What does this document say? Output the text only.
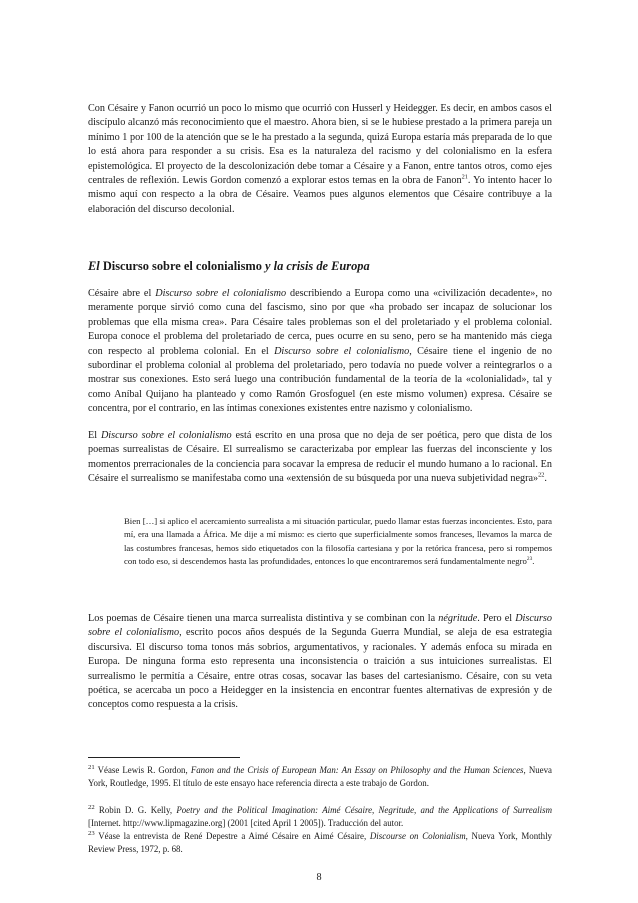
Con Césaire y Fanon ocurrió un poco lo mismo que ocurrió con Husserl y Heidegger. Es decir, en ambos casos el discípulo alcanzó más reconocimiento que el maestro. Ahora bien, si se le hubiese prestado a la primera pareja un mínimo 1 por 100 de la atención que se le ha prestado a la segunda, quizá Europa estaría más preparada de lo que lo está ahora para responder a su crisis. Esa es la naturaleza del racismo y del colonialismo en la esfera epistemológica. El proyecto de la descolonización debe tomar a Césaire y a Fanon, entre tantos otros, como ejes centrales de reflexión. Lewis Gordon comenzó a explorar estos temas en la obra de Fanon$^{21}$. Yo intento hacer lo mismo aquí con respecto a la obra de Césaire. Veamos pues algunos elementos que Césaire contribuye a la elaboración del discurso decolonial.

El Discurso sobre el colonialismo y la crisis de Europa

Césaire abre el Discurso sobre el colonialismo describiendo a Europa como una «civilización decadente», no meramente porque sirvió como cuna del fascismo, sino por que «ha probado ser incapaz de solucionar los problemas que ella misma crea». Para Césaire tales problemas son el del proletariado y el problema colonial. Europa conoce el problema del proletariado de cerca, pues ocurre en su seno, pero se ha mantenido más ciega con respecto al problema colonial. En el Discurso sobre el colonialismo, Césaire tiene el ingenio de no subordinar el problema colonial al problema del proletariado, pero todavía no puede volver a reintegrarlos o a mostrar sus conexiones. Esto será luego una contribución fundamental de la teoría de la «colonialidad», tal y como Aníbal Quijano ha planteado y como Ramón Grosfoguel (en este mismo volumen) expresa. Césaire se concentra, por el contrario, en las íntimas conexiones existentes entre nazismo y colonialismo.

El Discurso sobre el colonialismo está escrito en una prosa que no deja de ser poética, pero que dista de los poemas surrealistas de Césaire. El surrealismo se caracterizaba por emplear las fuerzas del inconsciente y los momentos prerracionales de la conciencia para socavar la empresa de reducir el mundo humano a lo racional. En Césaire el surrealismo se manifestaba como una «extensión de su búsqueda por una nueva subjetividad negra»$^{22}$.

Bien […] si aplico el acercamiento surrealista a mi situación particular, puedo llamar estas fuerzas inconcientes. Esto, para mí, era una llamada a África. Me dije a mí mismo: es cierto que superficialmente somos franceses, llevamos la marca de las costumbres francesas, hemos sido etiquetados con la filosofía cartesiana y por la retórica francesa, pero si rompemos con todo eso, si descendemos hasta las profundidades, entonces lo que encontraremos será fundamentalmente negro$^{23}$.

Los poemas de Césaire tienen una marca surrealista distintiva y se combinan con la négritude. Pero el Discurso sobre el colonialismo, escrito pocos años después de la Segunda Guerra Mundial, se aleja de esa estrategia discursiva. El discurso toma tonos más sobrios, argumentativos, y racionales. Y además enfoca su mirada en Europa. De ninguna forma esto representa una inconsistencia o traición a sus intuiciones surrealistas. El surrealismo le permitía a Césaire, entre otras cosas, socavar las bases del cartesianismo. Césaire, con su veta poética, se acercaba un poco a Heidegger en la insistencia en encontrar fuentes alternativas de expresión y de conceptos como respuesta a la crisis.

$^{21}$ Véase Lewis R. Gordon, Fanon and the Crisis of European Man: An Essay on Philosophy and the Human Sciences, Nueva York, Routledge, 1995. El título de este ensayo hace referencia directa a este trabajo de Gordon.

$^{22}$ Robin D. G. Kelly, Poetry and the Political Imagination: Aimé Césaire, Negritude, and the Applications of Surrealism [Internet. http://www.lipmagazine.org] (2001 [cited April 1 2005]). Traducción del autor.

$^{23}$ Véase la entrevista de René Depestre a Aimé Césaire en Aimé Césaire, Discourse on Colonialism, Nueva York, Monthly Review Press, 1972, p. 68.

8
